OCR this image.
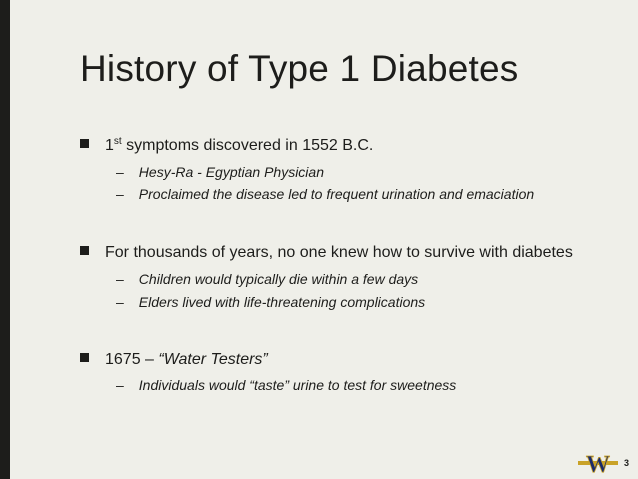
History of Type 1 Diabetes
1st symptoms discovered in 1552 B.C.
– Hesy-Ra - Egyptian Physician
– Proclaimed the disease led to frequent urination and emaciation
For thousands of years, no one knew how to survive with diabetes
– Children would typically die within a few days
– Elders lived with life-threatening complications
1675 – “Water Testers”
– Individuals would “taste” urine to test for sweetness
W 3
